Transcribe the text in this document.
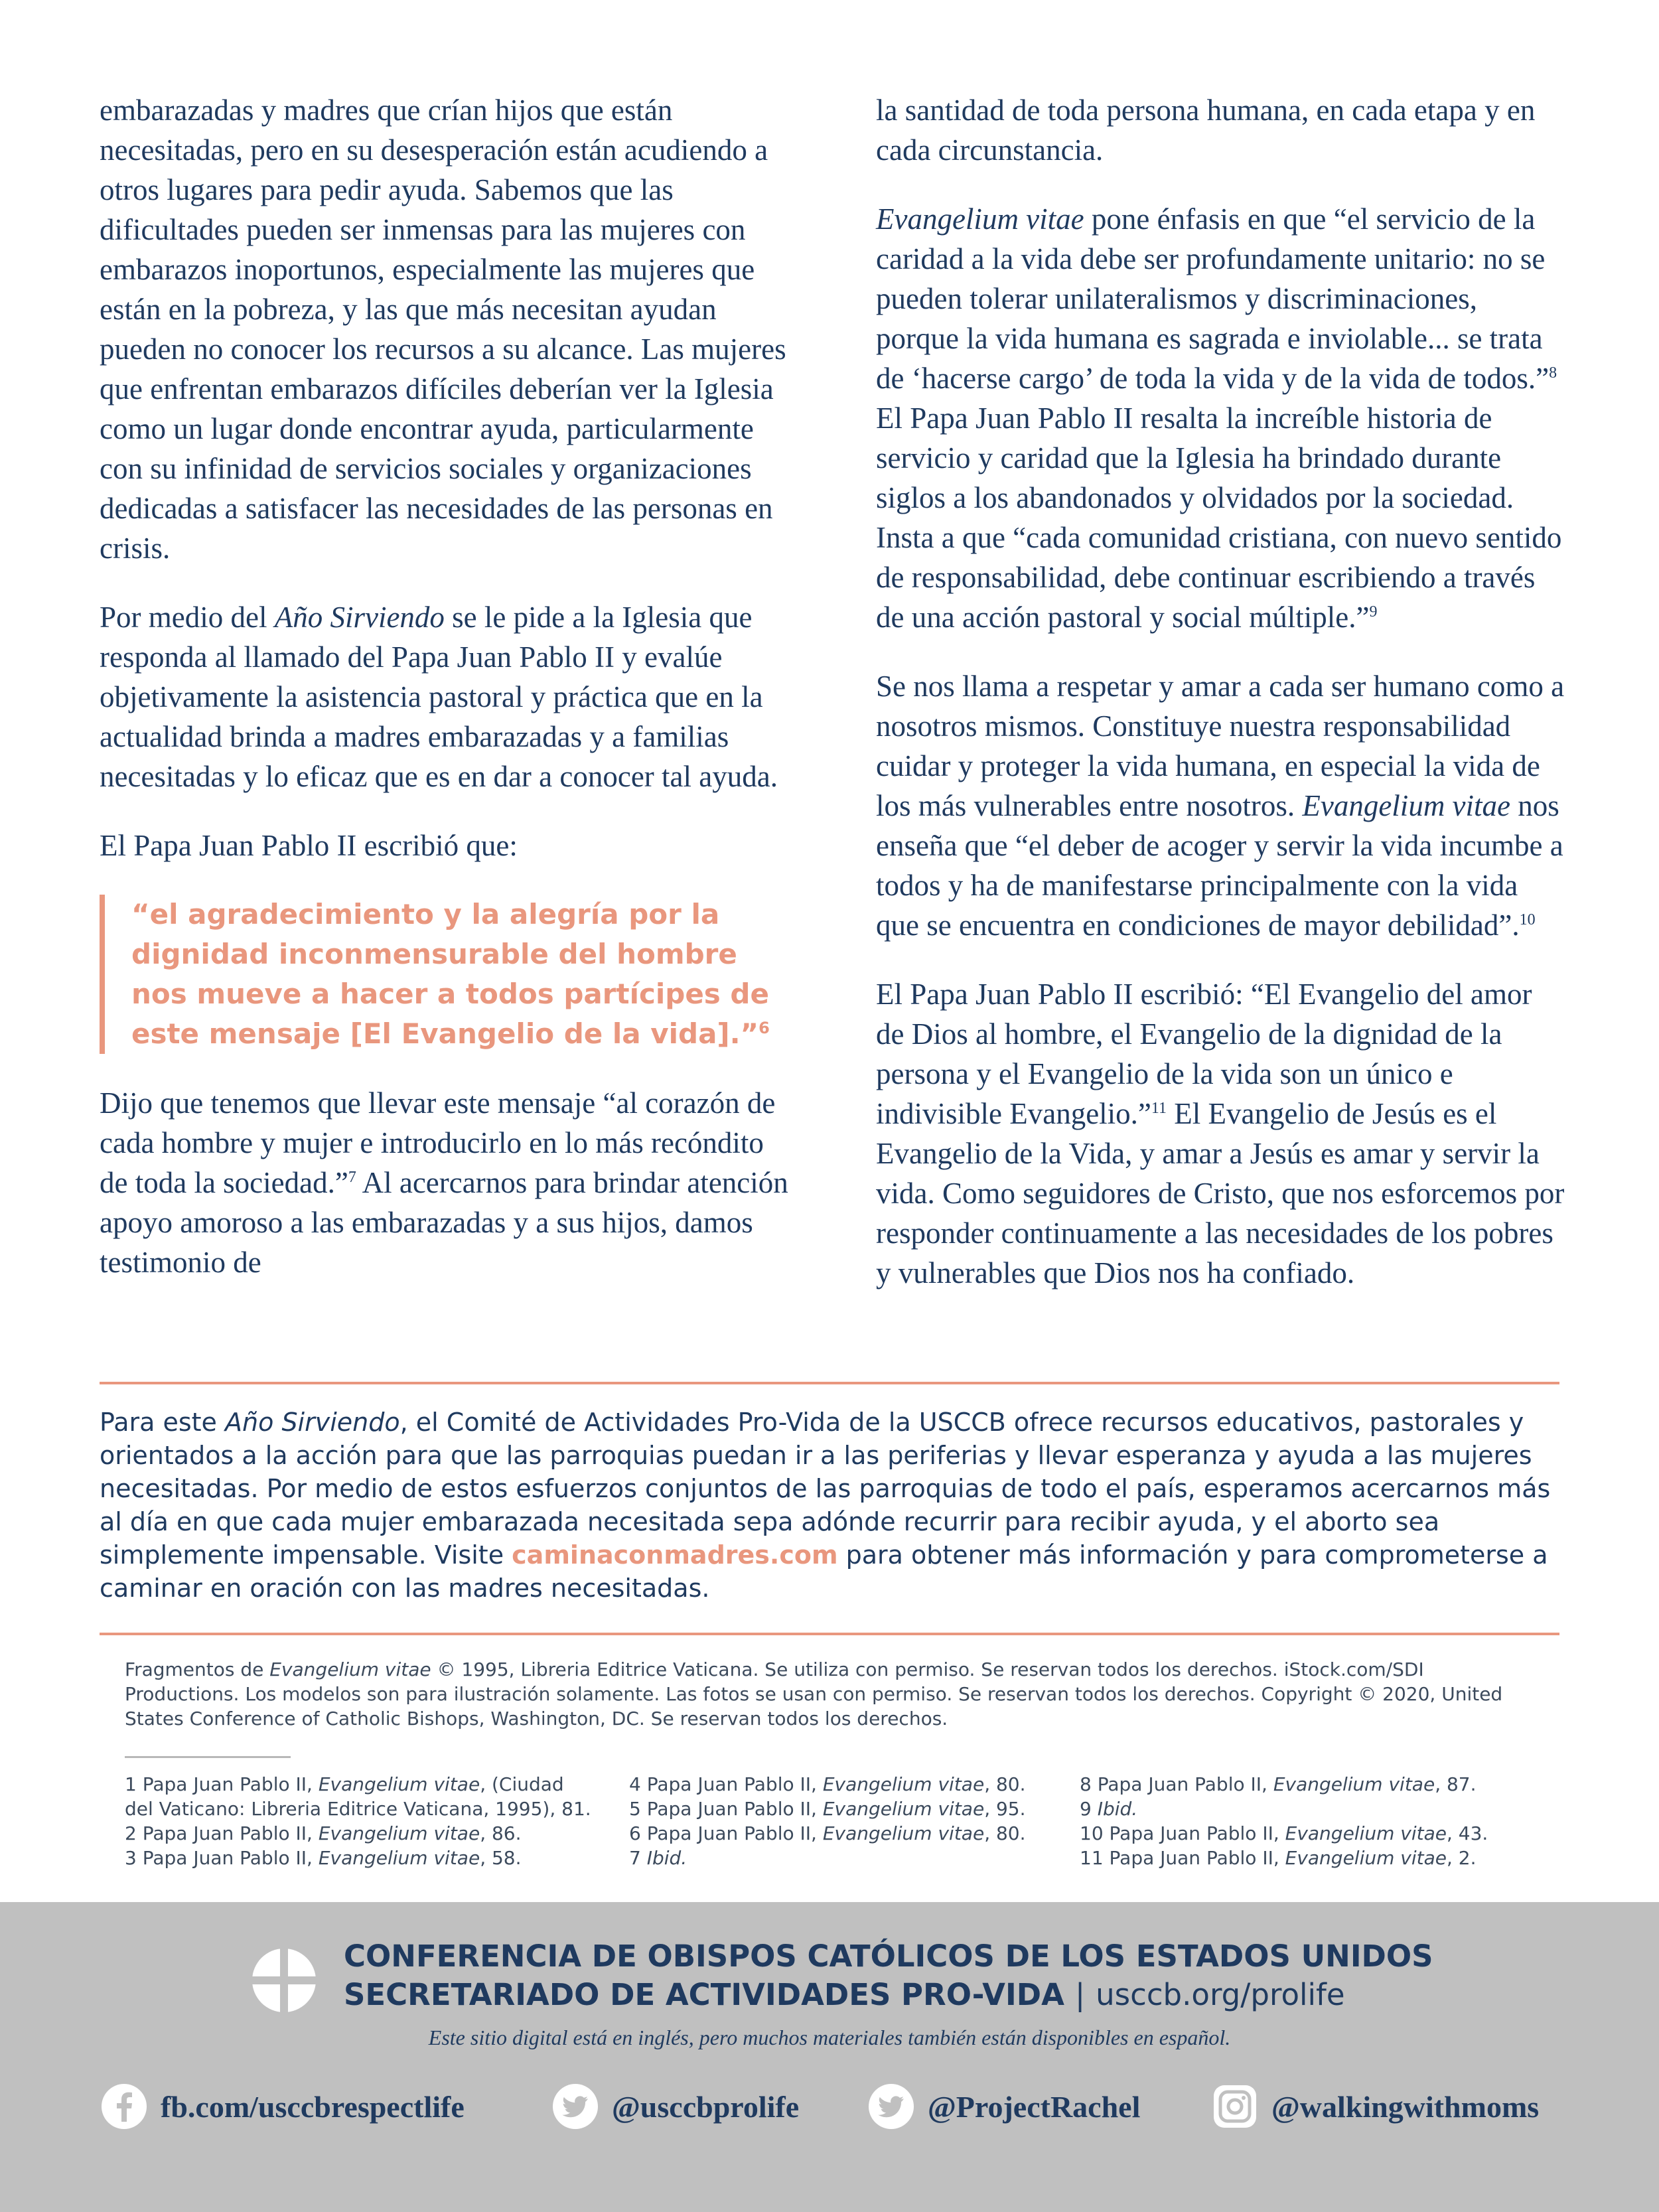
embarazadas y madres que crían hijos que están necesitadas, pero en su desesperación están acudiendo a otros lugares para pedir ayuda. Sabemos que las dificultades pueden ser inmensas para las mujeres con embarazos inoportunos, especialmente las mujeres que están en la pobreza, y las que más necesitan ayudan pueden no conocer los recursos a su alcance. Las mujeres que enfrentan embarazos difíciles deberían ver la Iglesia como un lugar donde encontrar ayuda, particularmente con su infinidad de servicios sociales y organizaciones dedicadas a satisfacer las necesidades de las personas en crisis.

Por medio del Año Sirviendo se le pide a la Iglesia que responda al llamado del Papa Juan Pablo II y evalúe objetivamente la asistencia pastoral y práctica que en la actualidad brinda a madres embarazadas y a familias necesitadas y lo eficaz que es en dar a conocer tal ayuda.

El Papa Juan Pablo II escribió que:

“el agradecimiento y la alegría por la dignidad inconmensurable del hombre nos mueve a hacer a todos partícipes de este mensaje [El Evangelio de la vida].”$^6$

Dijo que tenemos que llevar este mensaje “al corazón de cada hombre y mujer e introducirlo en lo más recóndito de toda la sociedad.”$^7$ Al acercarnos para brindar atención apoyo amoroso a las embarazadas y a sus hijos, damos testimonio de

la santidad de toda persona humana, en cada etapa y en cada circunstancia.

Evangelium vitae pone énfasis en que “el servicio de la caridad a la vida debe ser profundamente unitario: no se pueden tolerar unilateralismos y discriminaciones, porque la vida humana es sagrada e inviolable... se trata de ‘hacerse cargo’ de toda la vida y de la vida de todos.”$^8$ El Papa Juan Pablo II resalta la increíble historia de servicio y caridad que la Iglesia ha brindado durante siglos a los abandonados y olvidados por la sociedad. Insta a que “cada comunidad cristiana, con nuevo sentido de responsabilidad, debe continuar escribiendo a través de una acción pastoral y social múltiple.”$^9$

Se nos llama a respetar y amar a cada ser humano como a nosotros mismos. Constituye nuestra responsabilidad cuidar y proteger la vida humana, en especial la vida de los más vulnerables entre nosotros. Evangelium vitae nos enseña que “el deber de acoger y servir la vida incumbe a todos y ha de manifestarse principalmente con la vida que se encuentra en condiciones de mayor debilidad”.$^{10}$

El Papa Juan Pablo II escribió: “El Evangelio del amor de Dios al hombre, el Evangelio de la dignidad de la persona y el Evangelio de la vida son un único e indivisible Evangelio.”$^{11}$ El Evangelio de Jesús es el Evangelio de la Vida, y amar a Jesús es amar y servir la vida. Como seguidores de Cristo, que nos esforcemos por responder continuamente a las necesidades de los pobres y vulnerables que Dios nos ha confiado.

Para este Año Sirviendo, el Comité de Actividades Pro-Vida de la USCCB ofrece recursos educativos, pastorales y orientados a la acción para que las parroquias puedan ir a las periferias y llevar esperanza y ayuda a las mujeres necesitadas. Por medio de estos esfuerzos conjuntos de las parroquias de todo el país, esperamos acercarnos más al día en que cada mujer embarazada necesitada sepa adónde recurrir para recibir ayuda, y el aborto sea simplemente impensable. Visite caminaconmadres.com para obtener más información y para comprometerse a caminar en oración con las madres necesitadas.
Fragmentos de Evangelium vitae © 1995, Libreria Editrice Vaticana. Se utiliza con permiso. Se reservan todos los derechos. iStock.com/SDI Productions. Los modelos son para ilustración solamente. Las fotos se usan con permiso. Se reservan todos los derechos. Copyright © 2020, United States Conference of Catholic Bishops, Washington, DC. Se reservan todos los derechos.
1 Papa Juan Pablo II, Evangelium vitae, (Ciudad
del Vaticano: Libreria Editrice Vaticana, 1995), 81.
2 Papa Juan Pablo II, Evangelium vitae, 86.
3 Papa Juan Pablo II, Evangelium vitae, 58.
4 Papa Juan Pablo II, Evangelium vitae, 80.
5 Papa Juan Pablo II, Evangelium vitae, 95.
6 Papa Juan Pablo II, Evangelium vitae, 80.
7 Ibid.
8 Papa Juan Pablo II, Evangelium vitae, 87.
9 Ibid.
10 Papa Juan Pablo II, Evangelium vitae, 43.
11 Papa Juan Pablo II, Evangelium vitae, 2.
CONFERENCIA DE OBISPOS CATÓLICOS DE LOS ESTADOS UNIDOS
SECRETARIADO DE ACTIVIDADES PRO-VIDA | usccb.org/prolife
Este sitio digital está en inglés, pero muchos materiales también están disponibles en español.
fb.com/usccbrespectlife	@usccbprolife	@ProjectRachel	@walkingwithmoms
